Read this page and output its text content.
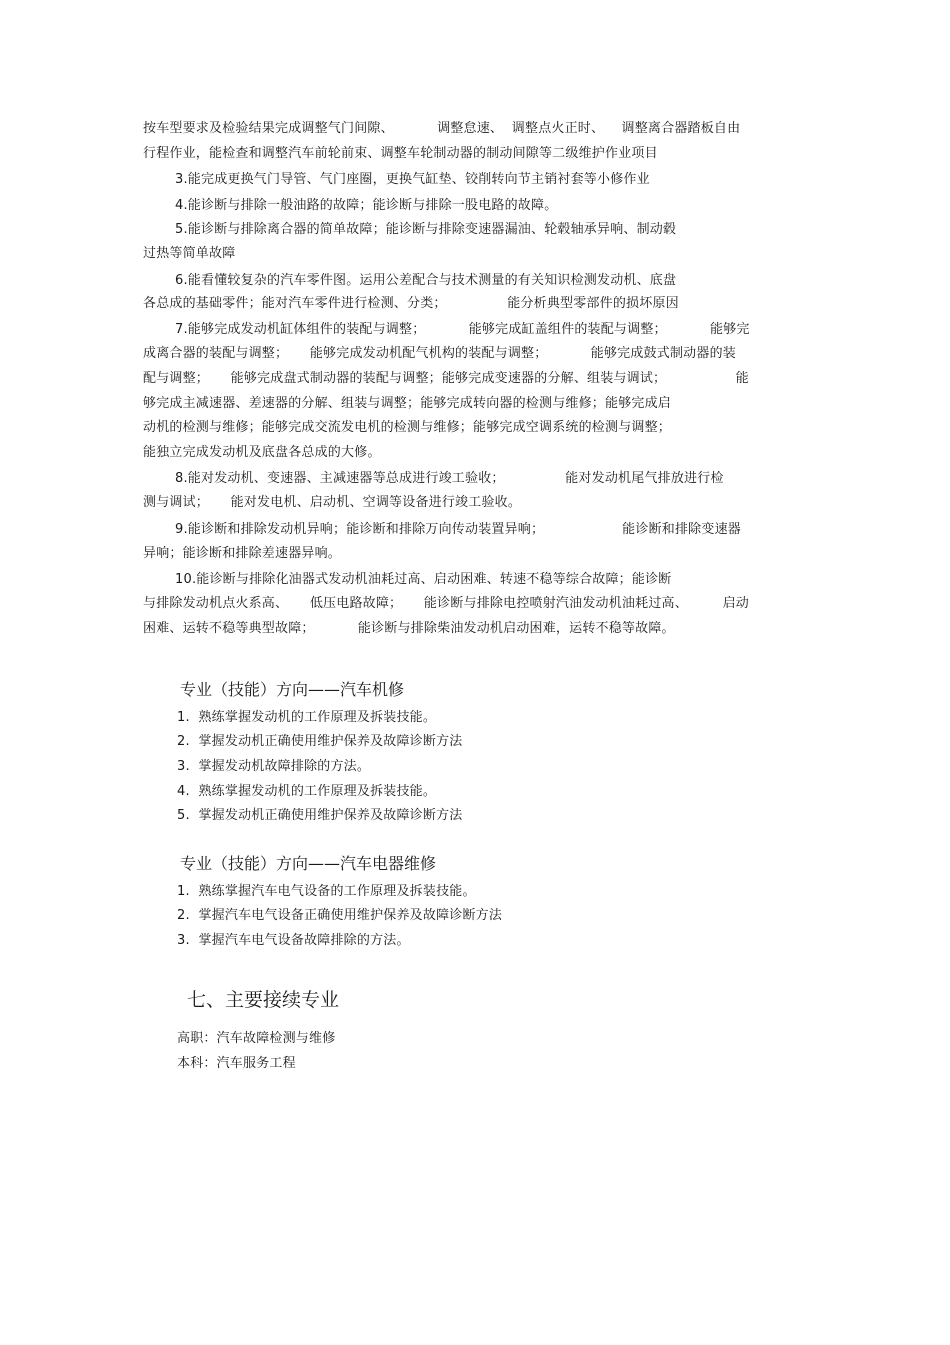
按车型要求及检验结果完成调整气门间隙、          调整怠速、  调整点火正时、    调整离合器踏板自由
行程作业，能检查和调整汽车前轮前束、调整车轮制动器的制动间隙等二级维护作业项目
3.能完成更换气门导管、气门座圈，更换气缸垫、铰削转向节主销衬套等小修作业
4.能诊断与排除一般油路的故障；能诊断与排除一股电路的故障。
5.能诊断与排除离合器的简单故障；能诊断与排除变速器漏油、轮毂轴承异响、制动毂
过热等简单故障
6.能看懂较复杂的汽车零件图。运用公差配合与技术测量的有关知识检测发动机、底盘
各总成的基础零件；能对汽车零件进行检测、分类；              能分析典型零部件的损坏原因
7.能够完成发动机缸体组件的装配与调整；          能够完成缸盖组件的装配与调整；          能够完
成离合器的装配与调整；     能够完成发动机配气机构的装配与调整；          能够完成鼓式制动器的装
配与调整；     能够完成盘式制动器的装配与调整；能够完成变速器的分解、组装与调试；                能
够完成主减速器、差速器的分解、组装与调整；能够完成转向器的检测与维修；能够完成启
动机的检测与维修；能够完成交流发电机的检测与维修；能够完成空调系统的检测与调整；
能独立完成发动机及底盘各总成的大修。
8.能对发动机、变速器、主减速器等总成进行竣工验收；              能对发动机尾气排放进行检
测与调试；     能对发电机、启动机、空调等设备进行竣工验收。
9.能诊断和排除发动机异响；能诊断和排除万向传动装置异响；                  能诊断和排除变速器
异响；能诊断和排除差速器异响。
10.能诊断与排除化油器式发动机油耗过高、启动困难、转速不稳等综合故障；能诊断
与排除发动机点火系高、     低压电路故障；     能诊断与排除电控喷射汽油发动机油耗过高、        启动
困难、运转不稳等典型故障；          能诊断与排除柴油发动机启动困难，运转不稳等故障。
专业（技能）方向——汽车机修
1.  熟练掌握发动机的工作原理及拆装技能。
2.  掌握发动机正确使用维护保养及故障诊断方法
3.  掌握发动机故障排除的方法。
4.  熟练掌握发动机的工作原理及拆装技能。
5.  掌握发动机正确使用维护保养及故障诊断方法
专业（技能）方向——汽车电器维修
1.  熟练掌握汽车电气设备的工作原理及拆装技能。
2.  掌握汽车电气设备正确使用维护保养及故障诊断方法
3.  掌握汽车电气设备故障排除的方法。
七、主要接续专业
高职：汽车故障检测与维修
本科：汽车服务工程
